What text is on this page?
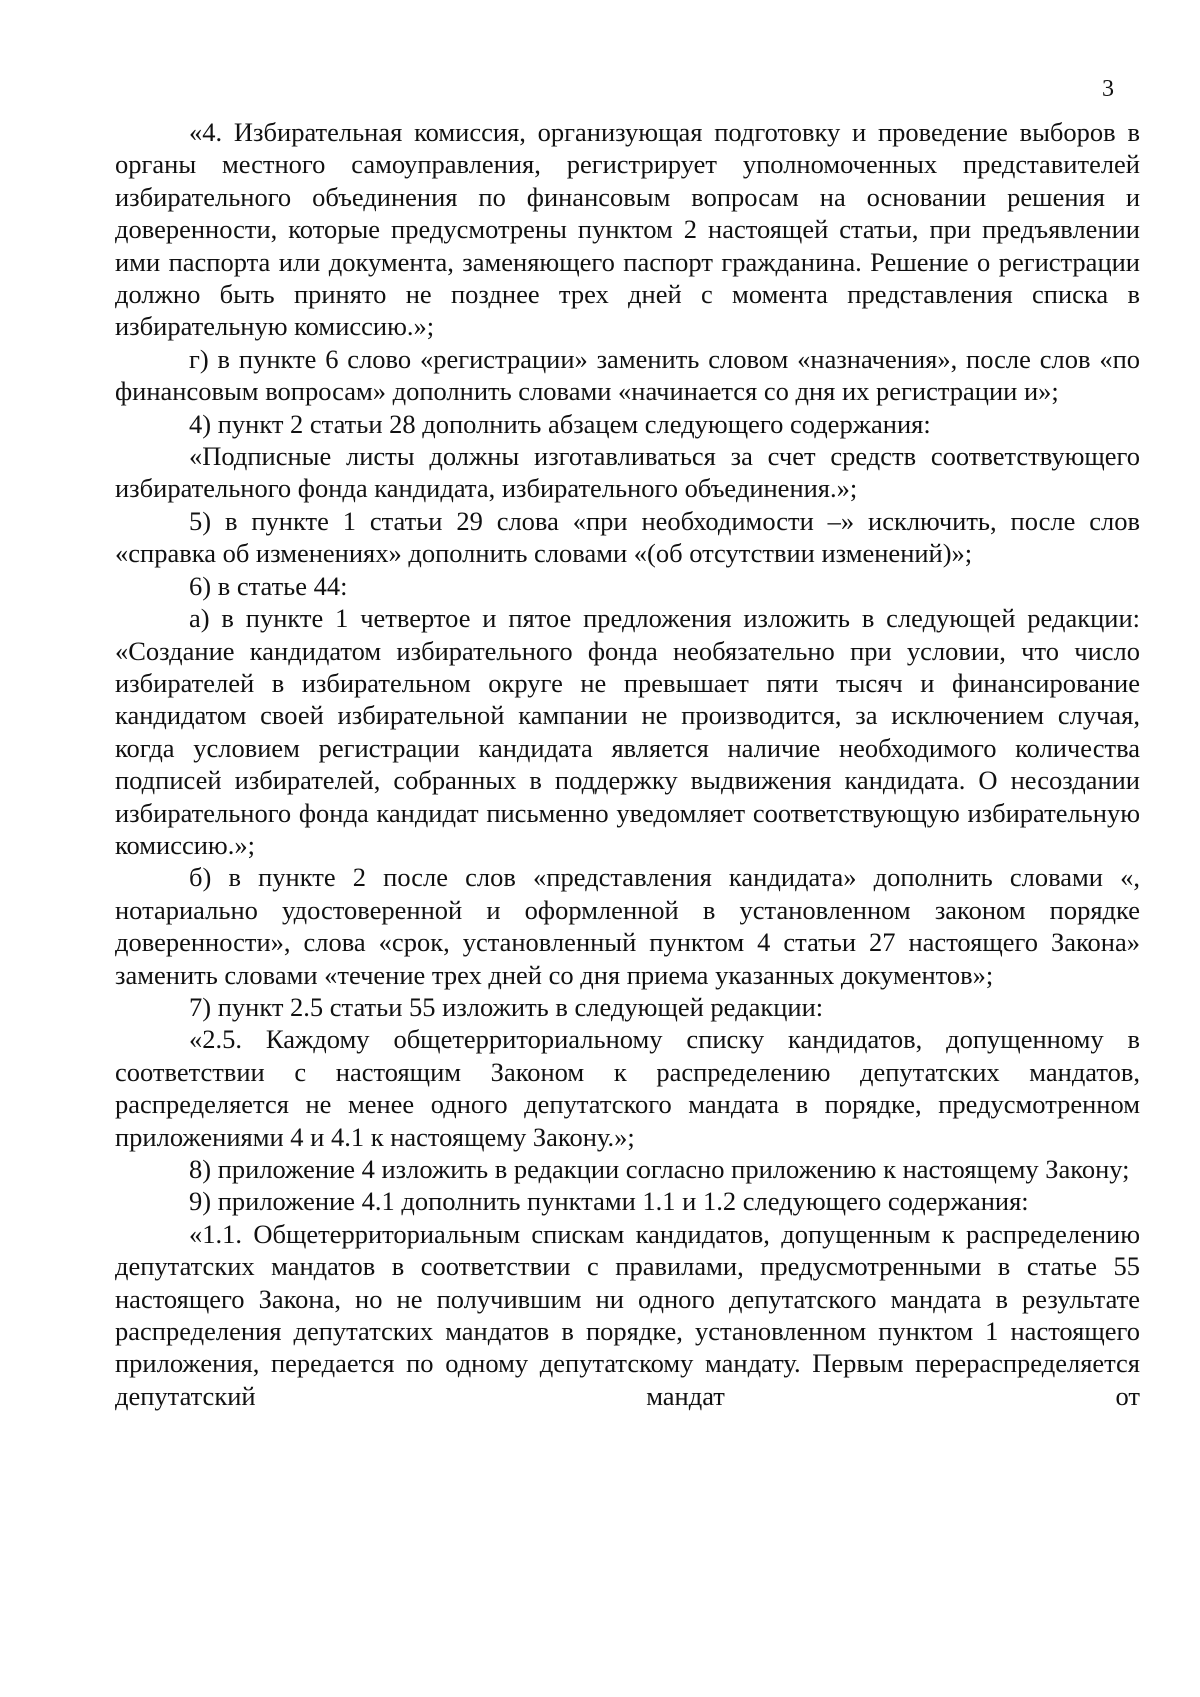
3

«4. Избирательная комиссия, организующая подготовку и проведение выборов в органы местного самоуправления, регистрирует уполномоченных представителей избирательного объединения по финансовым вопросам на основании решения и доверенности, которые предусмотрены пунктом 2 настоящей статьи, при предъявлении ими паспорта или документа, заменяющего паспорт гражданина. Решение о регистрации должно быть принято не позднее трех дней с момента представления списка в избирательную комиссию.»;

г) в пункте 6 слово «регистрации» заменить словом «назначения», после слов «по финансовым вопросам» дополнить словами «начинается со дня их регистрации и»;

4) пункт 2 статьи 28 дополнить абзацем следующего содержания:

«Подписные листы должны изготавливаться за счет средств соответствующего избирательного фонда кандидата, избирательного объединения.»;

5) в пункте 1 статьи 29 слова «при необходимости –» исключить, после слов «справка об изменениях» дополнить словами «(об отсутствии изменений)»;

6) в статье 44:

а) в пункте 1 четвертое и пятое предложения изложить в следующей редакции: «Создание кандидатом избирательного фонда необязательно при условии, что число избирателей в избирательном округе не превышает пяти тысяч и финансирование кандидатом своей избирательной кампании не производится, за исключением случая, когда условием регистрации кандидата является наличие необходимого количества подписей избирателей, собранных в поддержку выдвижения кандидата. О несоздании избирательного фонда кандидат письменно уведомляет соответствующую избирательную комиссию.»;

б) в пункте 2 после слов «представления кандидата» дополнить словами «, нотариально удостоверенной и оформленной в установленном законом порядке доверенности», слова «срок, установленный пунктом 4 статьи 27 настоящего Закона» заменить словами «течение трех дней со дня приема указанных документов»;

7) пункт 2.5 статьи 55 изложить в следующей редакции:

«2.5. Каждому общетерриториальному списку кандидатов, допущенному в соответствии с настоящим Законом к распределению депутатских мандатов, распределяется не менее одного депутатского мандата в порядке, предусмотренном приложениями 4 и 4.1 к настоящему Закону.»;

8) приложение 4 изложить в редакции согласно приложению к настоящему Закону;

9) приложение 4.1 дополнить пунктами 1.1 и 1.2 следующего содержания:

«1.1. Общетерриториальным спискам кандидатов, допущенным к распределению депутатских мандатов в соответствии с правилами, предусмотренными в статье 55 настоящего Закона, но не получившим ни одного депутатского мандата в результате распределения депутатских мандатов в порядке, установленном пунктом 1 настоящего приложения, передается по одному депутатскому мандату. Первым перераспределяется депутатский мандат от
